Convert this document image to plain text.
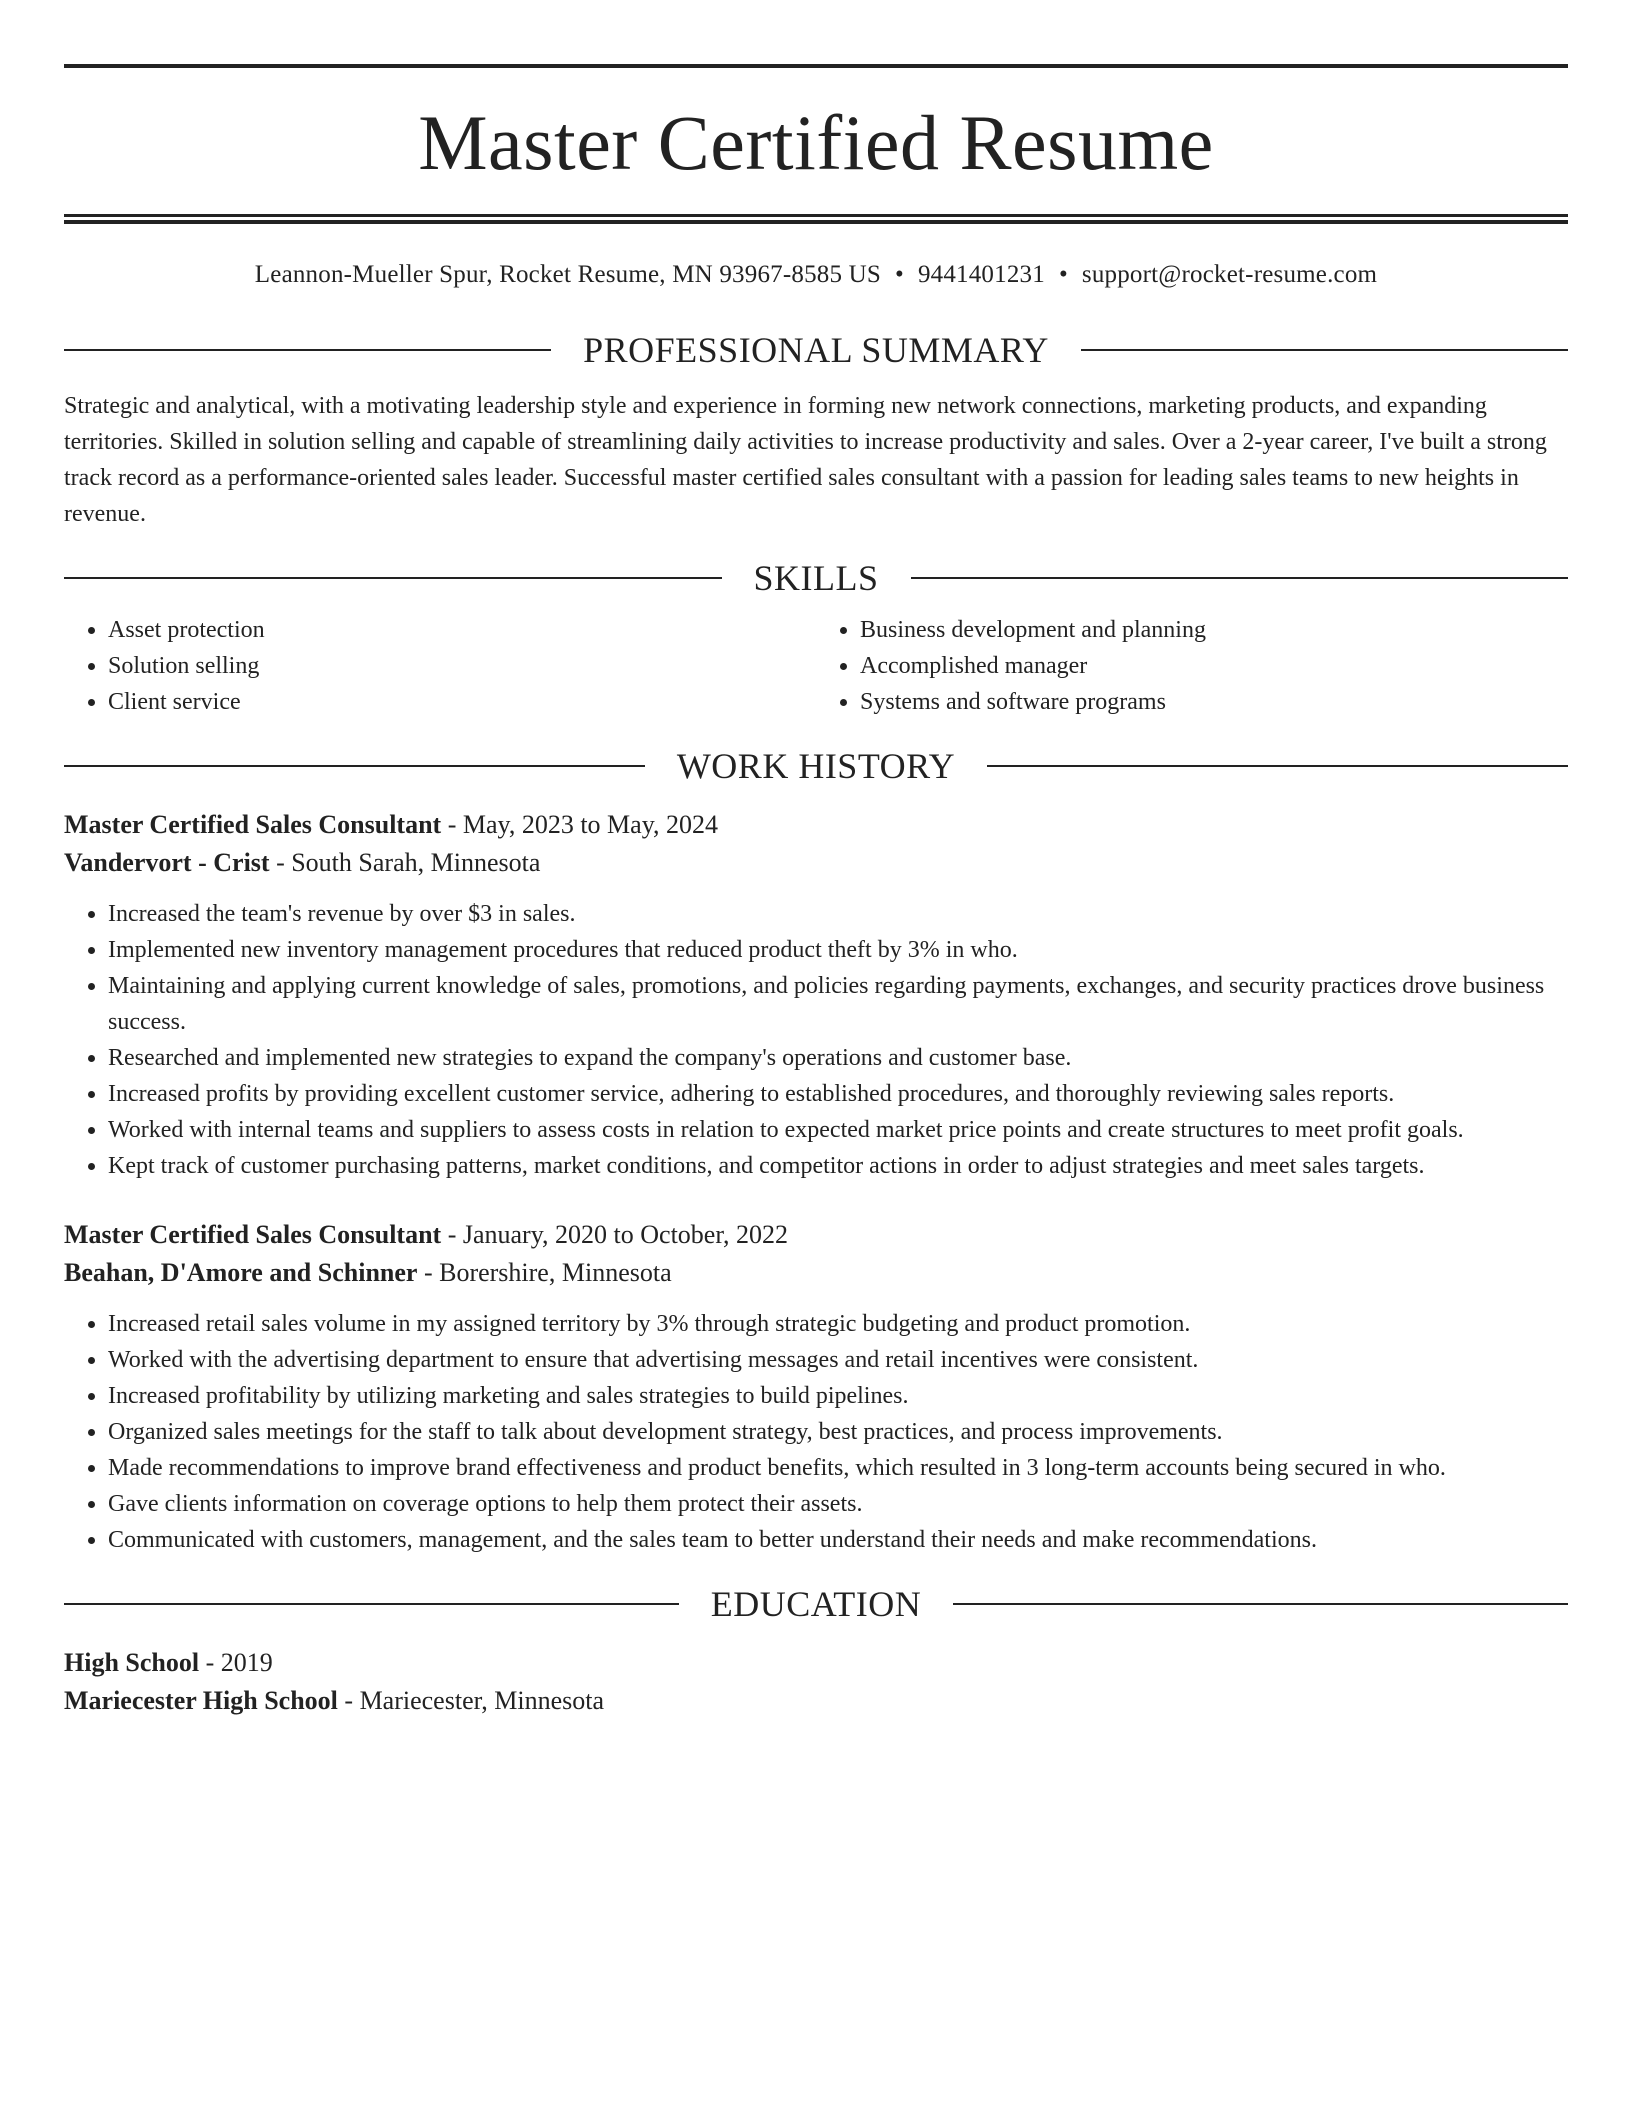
Master Certified Resume
Leannon-Mueller Spur, Rocket Resume, MN 93967-8585 US • 9441401231 • support@rocket-resume.com
PROFESSIONAL SUMMARY

Strategic and analytical, with a motivating leadership style and experience in forming new network connections, marketing products, and expanding territories. Skilled in solution selling and capable of streamlining daily activities to increase productivity and sales. Over a 2-year career, I've built a strong track record as a performance-oriented sales leader. Successful master certified sales consultant with a passion for leading sales teams to new heights in revenue.

SKILLS
• Asset protection
• Solution selling
• Client service
• Business development and planning
• Accomplished manager
• Systems and software programs
WORK HISTORY
Master Certified Sales Consultant - May, 2023 to May, 2024
Vandervort - Crist - South Sarah, Minnesota
• Increased the team's revenue by over $3 in sales.
• Implemented new inventory management procedures that reduced product theft by 3% in who.
• Maintaining and applying current knowledge of sales, promotions, and policies regarding payments, exchanges, and security practices drove business success.
• Researched and implemented new strategies to expand the company's operations and customer base.
• Increased profits by providing excellent customer service, adhering to established procedures, and thoroughly reviewing sales reports.
• Worked with internal teams and suppliers to assess costs in relation to expected market price points and create structures to meet profit goals.
• Kept track of customer purchasing patterns, market conditions, and competitor actions in order to adjust strategies and meet sales targets.
Master Certified Sales Consultant - January, 2020 to October, 2022
Beahan, D'Amore and Schinner - Borershire, Minnesota
• Increased retail sales volume in my assigned territory by 3% through strategic budgeting and product promotion.
• Worked with the advertising department to ensure that advertising messages and retail incentives were consistent.
• Increased profitability by utilizing marketing and sales strategies to build pipelines.
• Organized sales meetings for the staff to talk about development strategy, best practices, and process improvements.
• Made recommendations to improve brand effectiveness and product benefits, which resulted in 3 long-term accounts being secured in who.
• Gave clients information on coverage options to help them protect their assets.
• Communicated with customers, management, and the sales team to better understand their needs and make recommendations.
EDUCATION
High School - 2019
Mariecester High School - Mariecester, Minnesota
